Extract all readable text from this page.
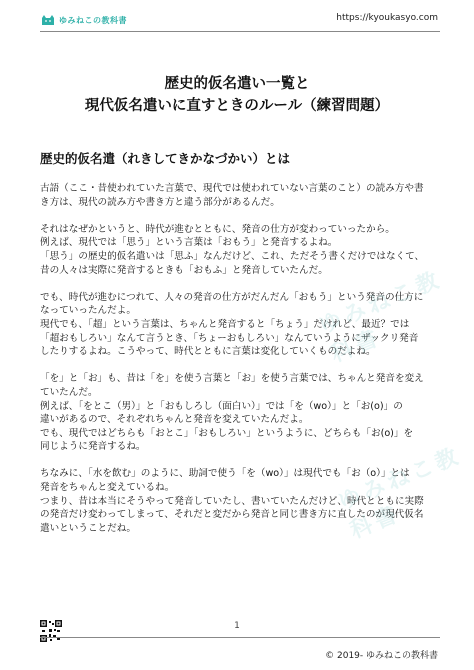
ゆみねこの教科書	https://kyoukasyo.com
歴史的仮名遣い一覧と
現代仮名遣いに直すときのルール（練習問題）
歴史的仮名遣（れきしてきかなづかい）とは

古語（ここ・昔使われていた言葉で、現代では使われていない言葉のこと）の読み方や書
き方は、現代の読み方や書き方と違う部分があるんだ。

それはなぜかというと、時代が進むとともに、発音の仕方が変わっていったから。
例えば、現代では「思う」という言葉は「おもう」と発音するよね。
「思う」の歴史的仮名遣いは「思ふ」なんだけど、これ、ただそう書くだけではなくて、
昔の人々は実際に発音するときも「おもふ」と発音していたんだ。

でも、時代が進むにつれて、人々の発音の仕方がだんだん「おもう」という発音の仕方に
なっていったんだよ。
現代でも、「超」という言葉は、ちゃんと発音すると「ちょう」だけれど、最近？では
「超おもしろい」なんて言うとき、「ちょーおもしろい」なんていうようにザックリ発音
したりするよね。こうやって、時代とともに言葉は変化していくものだよね。

「を」と「お」も、昔は「を」を使う言葉と「お」を使う言葉では、ちゃんと発音を変え
ていたんだ。
例えば、「をとこ（男）」と「おもしろし（面白い）」では「を（wo）」と「お(o)」の
違いがあるので、それぞれちゃんと発音を変えていたんだよ。
でも、現代ではどちらも「おとこ」「おもしろい」というように、どちらも「お(o)」を
同じように発音するね。

ちなみに、「水を飲む」のように、助詞で使う「を（wo）」は現代でも「お（o）」とは
発音をちゃんと変えているね。
つまり、昔は本当にそうやって発音していたし、書いていたんだけど、時代とともに実際
の発音だけ変わってしまって、それだと変だから発音と同じ書き方に直したのが現代仮名
遣いということだね。

ゆみねこ教科書
ゆみねこ教科書
1
© 2019- ゆみねこの教科書
